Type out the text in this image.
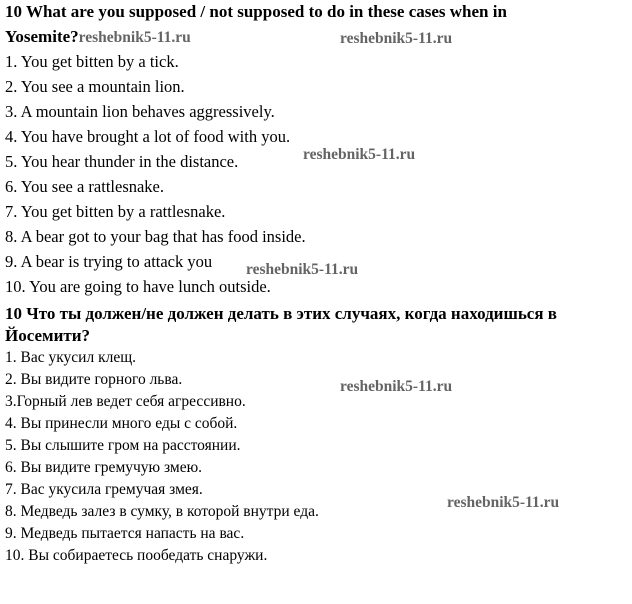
10 What are you supposed / not supposed to do in these cases when in
Yosemite?reshebnik5-11.ru
1. You get bitten by a tick.
2. You see a mountain lion.
3. A mountain lion behaves aggressively.
4. You have brought a lot of food with you.
5. You hear thunder in the distance.
6. You see a rattlesnake.
7. You get bitten by a rattlesnake.
8. A bear got to your bag that has food inside.
9. A bear is trying to attack you
10. You are going to have lunch outside.
10 Что ты должен/не должен делать в этих случаях, когда находишься в
Йосемити?
1. Вас укусил клещ.
2. Вы видите горного льва.
3.Горный лев ведет себя агрессивно.
4. Вы принесли много еды с собой.
5. Вы слышите гром на расстоянии.
6. Вы видите гремучую змею.
7. Вас укусила гремучая змея.
8. Медведь залез в сумку, в которой внутри еда.
9. Медведь пытается напасть на вас.
10. Вы собираетесь пообедать снаружи.
reshebnik5-11.ru
reshebnik5-11.ru
reshebnik5-11.ru
reshebnik5-11.ru
reshebnik5-11.ru
